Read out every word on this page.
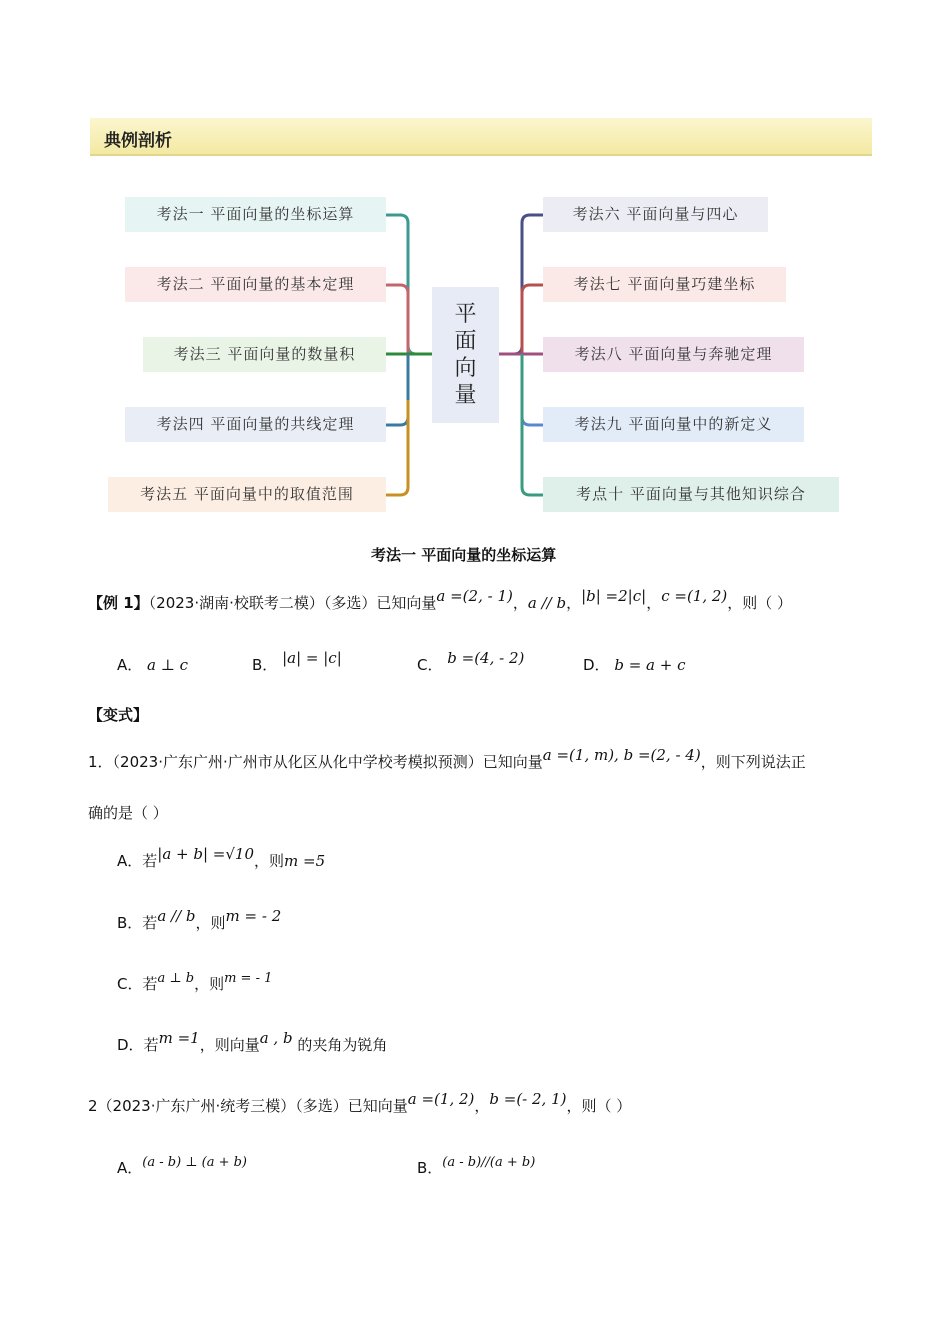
典例剖析
考法一 平面向量的坐标运算
考法二 平面向量的基本定理
考法三 平面向量的数量积
考法四 平面向量的共线定理
考法五 平面向量中的取值范围
平
面
向
量
考法六 平面向量与四心
考法七 平面向量巧建坐标
考法八 平面向量与奔驰定理
考法九 平面向量中的新定义
考点十 平面向量与其他知识综合
考法一 平面向量的坐标运算
【例 1】（2023·湖南·校联考二模）（多选）已知向量a =(2, - 1)，a // b，|b| =2|c|，c =(1, 2)，则（ ）
A． a ⊥ c	B． |a| = |c|	C． b =(4, - 2)	D． b = a + c
【变式】
1．（2023·广东广州·广州市从化区从化中学校考模拟预测）已知向量a =(1, m), b =(2, - 4)，则下列说法正
确的是（ ）
A．若|a + b| =√10，则m =5
B．若a // b，则m = - 2
C．若a ⊥ b，则m = - 1
D．若m =1，则向量a , b 的夹角为锐角
2（2023·广东广州·统考三模）（多选）已知向量a =(1, 2)，b =(- 2, 1)，则（ ）
A．(a - b) ⊥ (a + b)	B．(a - b)//(a + b)
